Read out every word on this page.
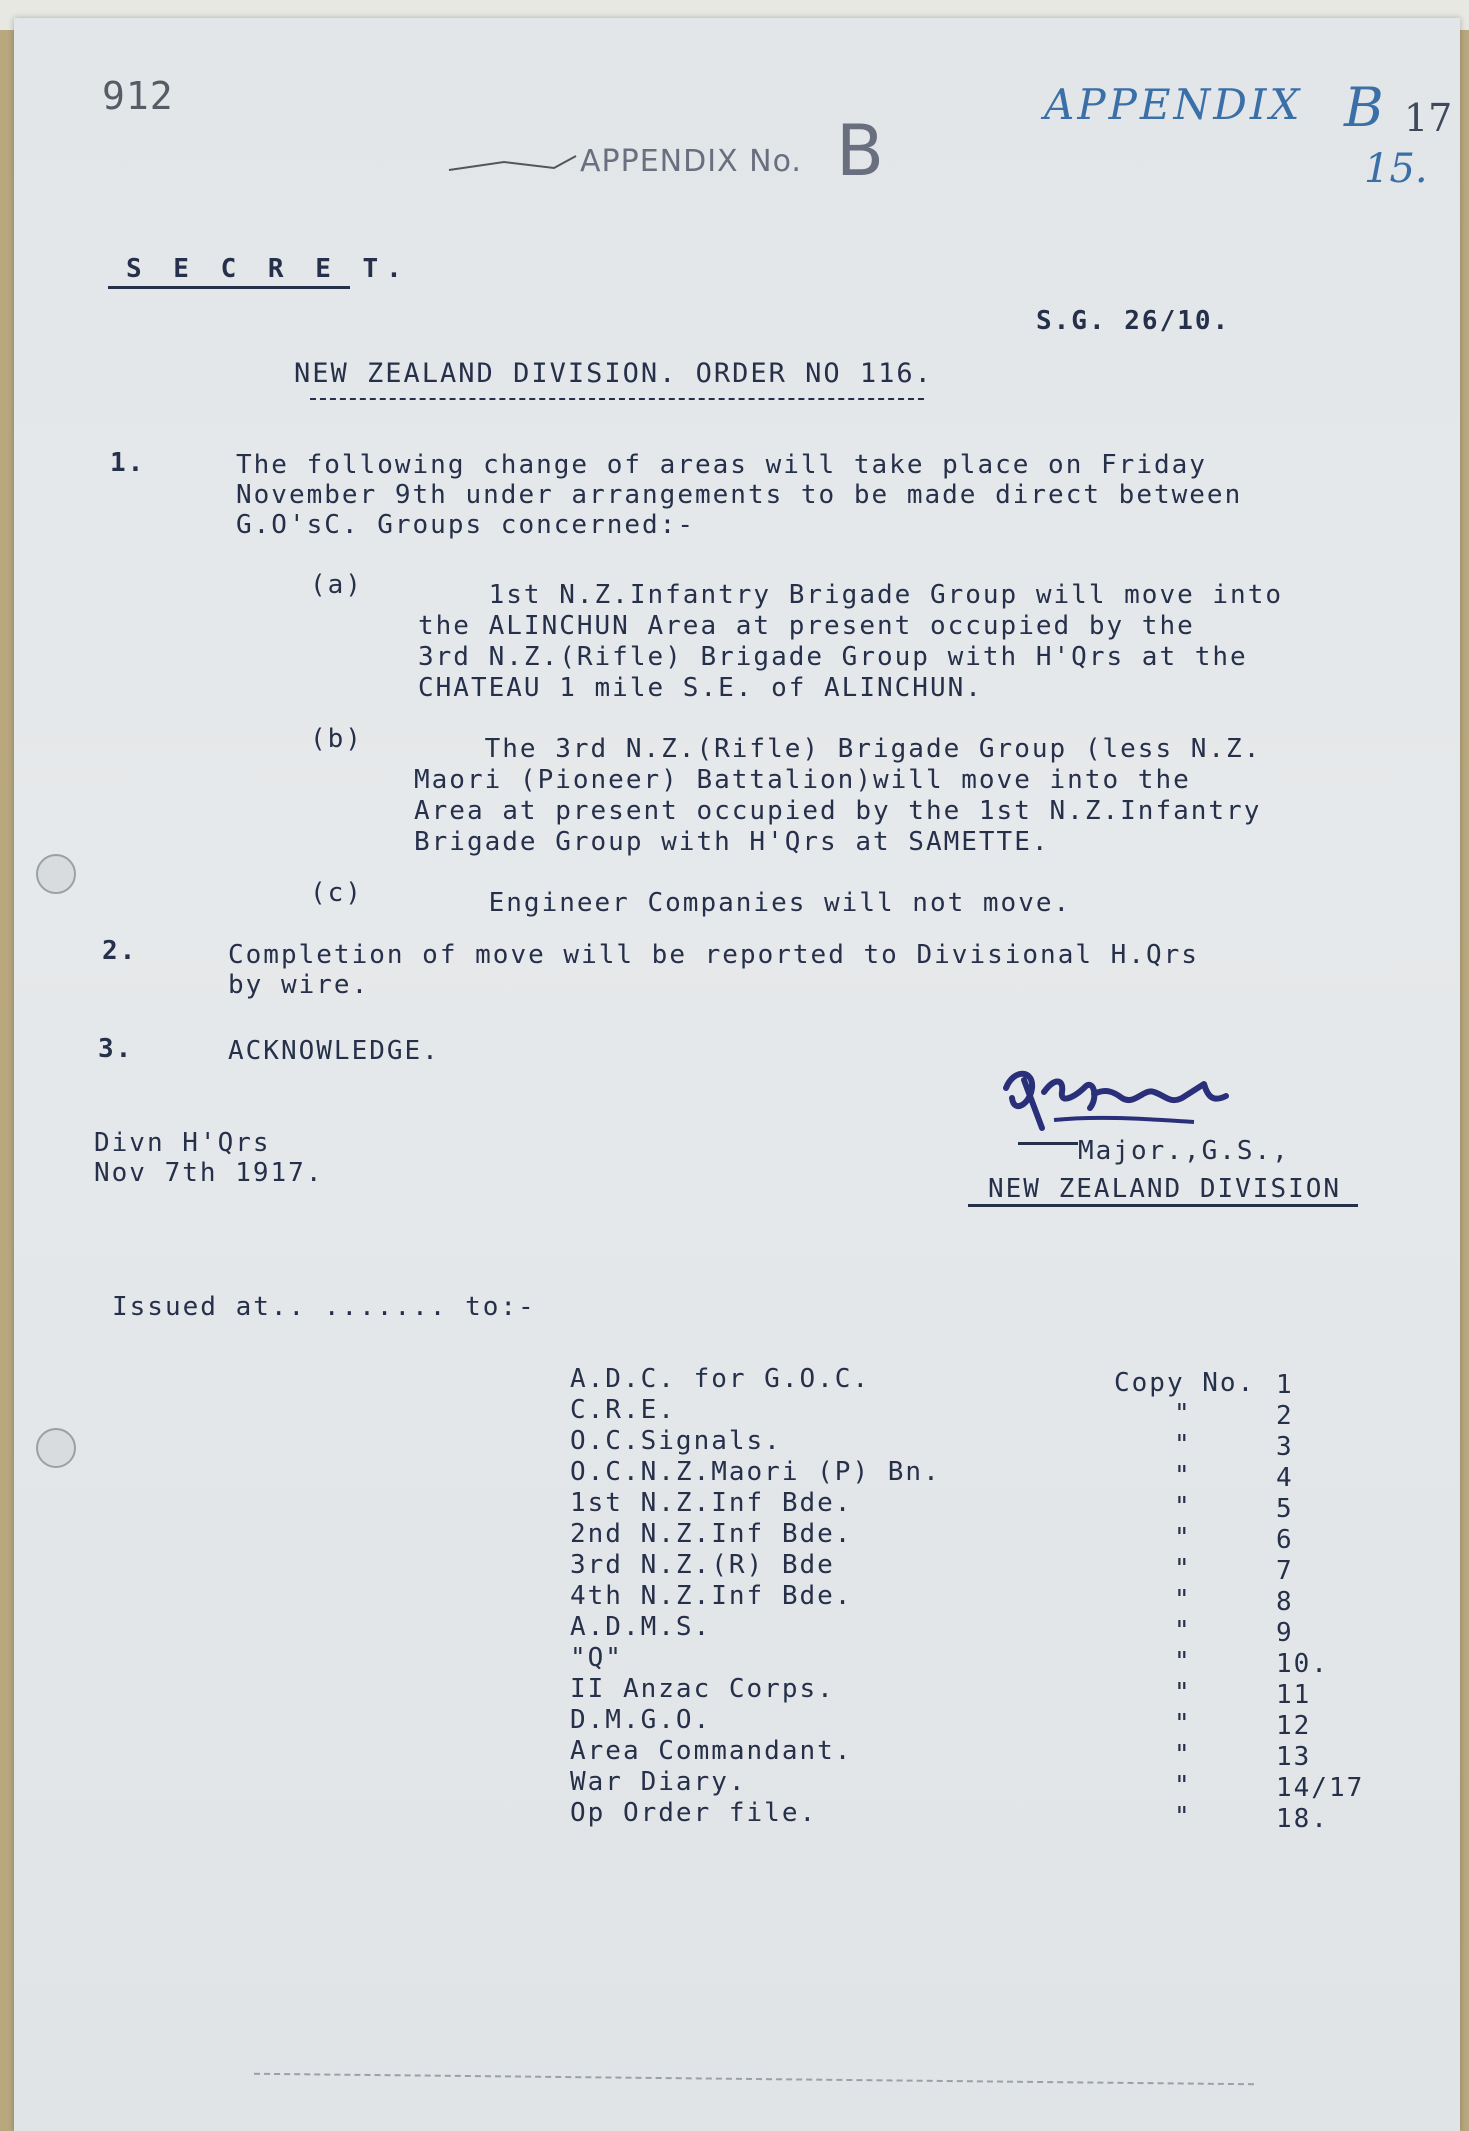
912
APPENDIX No. B
APPENDIX B 17
15.
S E C R E T.
S.G. 26/10.
NEW ZEALAND DIVISION. ORDER NO 116.
1.	The following change of areas will take place on Friday
November 9th under arrangements to be made direct between
G.O'sC. Groups concerned:-
(a) 1st N.Z.Infantry Brigade Group will move into
the ALINCHUN Area at present occupied by the
3rd N.Z.(Rifle) Brigade Group with H'Qrs at the
CHATEAU 1 mile S.E. of ALINCHUN.
(b) The 3rd N.Z.(Rifle) Brigade Group (less N.Z.
Maori (Pioneer) Battalion)will move into the
Area at present occupied by the 1st N.Z.Infantry
Brigade Group with H'Qrs at SAMETTE.
(c) Engineer Companies will not move.
2.	Completion of move will be reported to Divisional H.Qrs
by wire.
3.	ACKNOWLEDGE.
Divn H'Qrs
Nov 7th 1917.
Major.,G.S.,
NEW ZEALAND DIVISION
Issued at.. ....... to:-
A.D.C. for G.O.C.	Copy No. 1
C.R.E.	"	2
O.C.Signals.	"	3
O.C.N.Z.Maori (P) Bn.	"	4
1st N.Z.Inf Bde.	"	5
2nd N.Z.Inf Bde.	"	6
3rd N.Z.(R) Bde	"	7
4th N.Z.Inf Bde.	"	8
A.D.M.S.	"	9
"Q"	"	10.
II Anzac Corps.	"	11
D.M.G.O.	"	12
Area Commandant.	"	13
War Diary.	"	14/17
Op Order file.	"	18.
